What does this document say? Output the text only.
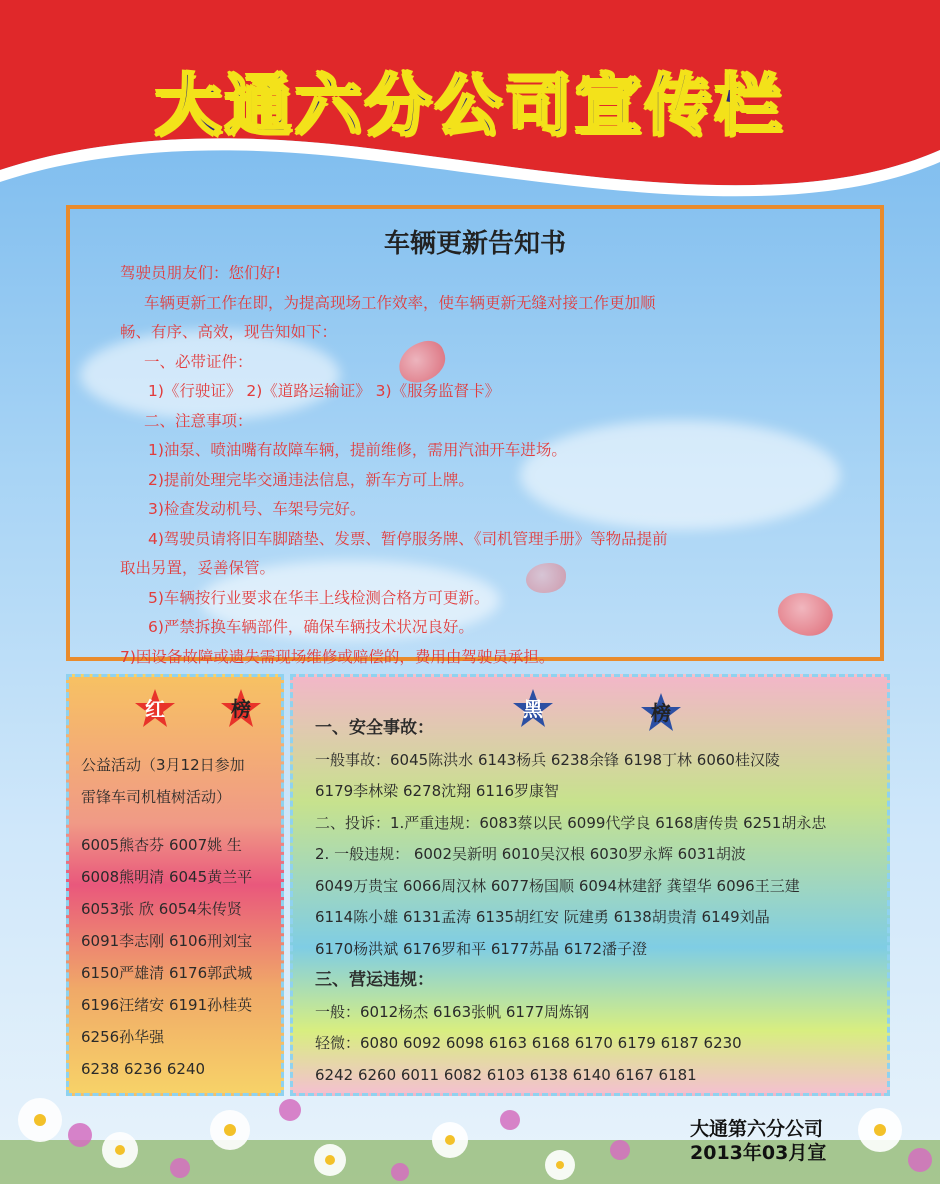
大通六分公司宣传栏
车辆更新告知书
驾驶员朋友们：您们好!
车辆更新工作在即，为提高现场工作效率，使车辆更新无缝对接工作更加顺
畅、有序、高效，现告知如下：
一、必带证件：
1)《行驶证》 2)《道路运输证》 3)《服务监督卡》
二、注意事项：
1)油泵、喷油嘴有故障车辆，提前维修，需用汽油开车进场。
2)提前处理完毕交通违法信息，新车方可上牌。
3)检查发动机号、车架号完好。
4)驾驶员请将旧车脚踏垫、发票、暂停服务牌、《司机管理手册》等物品提前
取出另置，妥善保管。
5)车辆按行业要求在华丰上线检测合格方可更新。
6)严禁拆换车辆部件，确保车辆技术状况良好。
7)因设备故障或遗失需现场维修或赔偿的，费用由驾驶员承担。
红	榜
公益活动（3月12日参加
雷锋车司机植树活动）
6005熊杏芬 6007姚 生
6008熊明清 6045黄兰平
6053张 欣 6054朱传贤
6091李志刚 6106刑刘宝
6150严雄清 6176郭武城
6196汪绪安 6191孙桂英
6256孙华强
6238 6236 6240
黑	榜
一、安全事故：
一般事故：6045陈洪水 6143杨兵 6238余锋 6198丁林 6060桂汉陵
6179李林梁 6278沈翔 6116罗康智
二、投诉：1.严重违规：6083蔡以民 6099代学良 6168唐传贵 6251胡永忠
2. 一般违规： 6002吴新明 6010吴汉根 6030罗永辉 6031胡波
6049万贵宝 6066周汉林 6077杨国顺 6094林建舒 龚望华 6096王三建
6114陈小雄 6131孟涛 6135胡红安 阮建勇 6138胡贵清 6149刘晶
6170杨洪斌 6176罗和平 6177苏晶 6172潘子澄
三、营运违规：
一般：6012杨杰 6163张帆 6177周炼钢
轻微：6080 6092 6098 6163 6168 6170 6179 6187 6230
6242 6260 6011 6082 6103 6138 6140 6167 6181
大通第六分公司
2013年03月宣
